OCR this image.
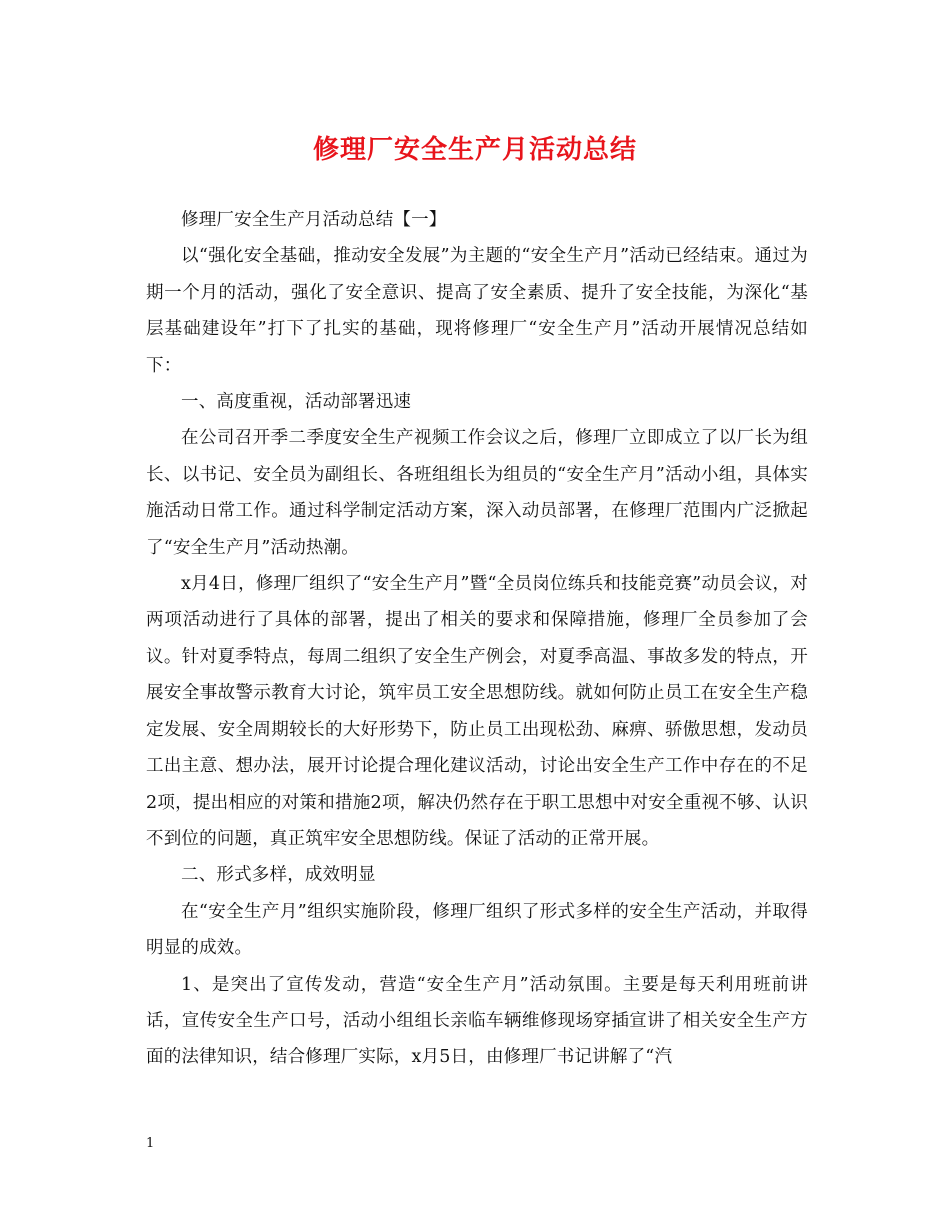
修理厂安全生产月活动总结

修理厂安全生产月活动总结【一】

以“强化安全基础，推动安全发展”为主题的“安全生产月”活动已经结束。通过为期一个月的活动，强化了安全意识、提高了安全素质、提升了安全技能，为深化“基层基础建设年”打下了扎实的基础，现将修理厂“安全生产月”活动开展情况总结如下：

一、高度重视，活动部署迅速

在公司召开季二季度安全生产视频工作会议之后，修理厂立即成立了以厂长为组长、以书记、安全员为副组长、各班组组长为组员的“安全生产月”活动小组，具体实施活动日常工作。通过科学制定活动方案，深入动员部署，在修理厂范围内广泛掀起了“安全生产月”活动热潮。

x月4日，修理厂组织了“安全生产月”暨“全员岗位练兵和技能竞赛”动员会议，对两项活动进行了具体的部署，提出了相关的要求和保障措施，修理厂全员参加了会议。针对夏季特点，每周二组织了安全生产例会，对夏季高温、事故多发的特点，开展安全事故警示教育大讨论，筑牢员工安全思想防线。就如何防止员工在安全生产稳定发展、安全周期较长的大好形势下，防止员工出现松劲、麻痹、骄傲思想，发动员工出主意、想办法，展开讨论提合理化建议活动，讨论出安全生产工作中存在的不足2项，提出相应的对策和措施2项，解决仍然存在于职工思想中对安全重视不够、认识不到位的问题，真正筑牢安全思想防线。保证了活动的正常开展。

二、形式多样，成效明显

在“安全生产月”组织实施阶段，修理厂组织了形式多样的安全生产活动，并取得明显的成效。

1、是突出了宣传发动，营造“安全生产月”活动氛围。主要是每天利用班前讲话，宣传安全生产口号，活动小组组长亲临车辆维修现场穿插宣讲了相关安全生产方面的法律知识，结合修理厂实际，x月5日，由修理厂书记讲解了“汽

1
